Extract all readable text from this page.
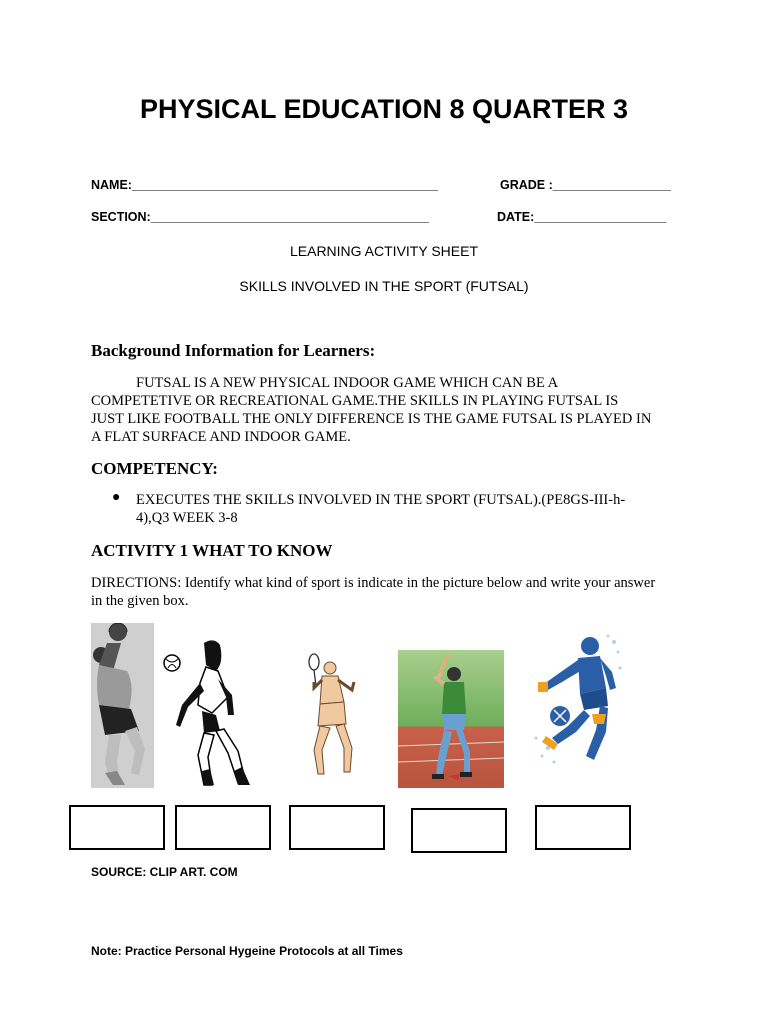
PHYSICAL EDUCATION 8 QUARTER 3
NAME:____________________________________________	GRADE :_________________
SECTION:________________________________________	DATE:___________________
LEARNING ACTIVITY SHEET
SKILLS INVOLVED IN THE SPORT (FUTSAL)
Background Information for Learners:
FUTSAL IS A NEW PHYSICAL INDOOR GAME WHICH CAN BE A
COMPETETIVE OR RECREATIONAL GAME.THE SKILLS IN PLAYING FUTSAL IS
JUST LIKE FOOTBALL THE ONLY DIFFERENCE IS THE GAME FUTSAL IS PLAYED IN
A FLAT SURFACE AND INDOOR GAME.
COMPETENCY:
● EXECUTES THE SKILLS INVOLVED IN THE SPORT (FUTSAL).(PE8GS-III-h-
4),Q3 WEEK 3-8
ACTIVITY 1 WHAT TO KNOW
DIRECTIONS: Identify what kind of sport is indicate in the picture below and write your answer
in the given box.
SOURCE: CLIP ART. COM
Note: Practice Personal Hygeine Protocols at all Times
